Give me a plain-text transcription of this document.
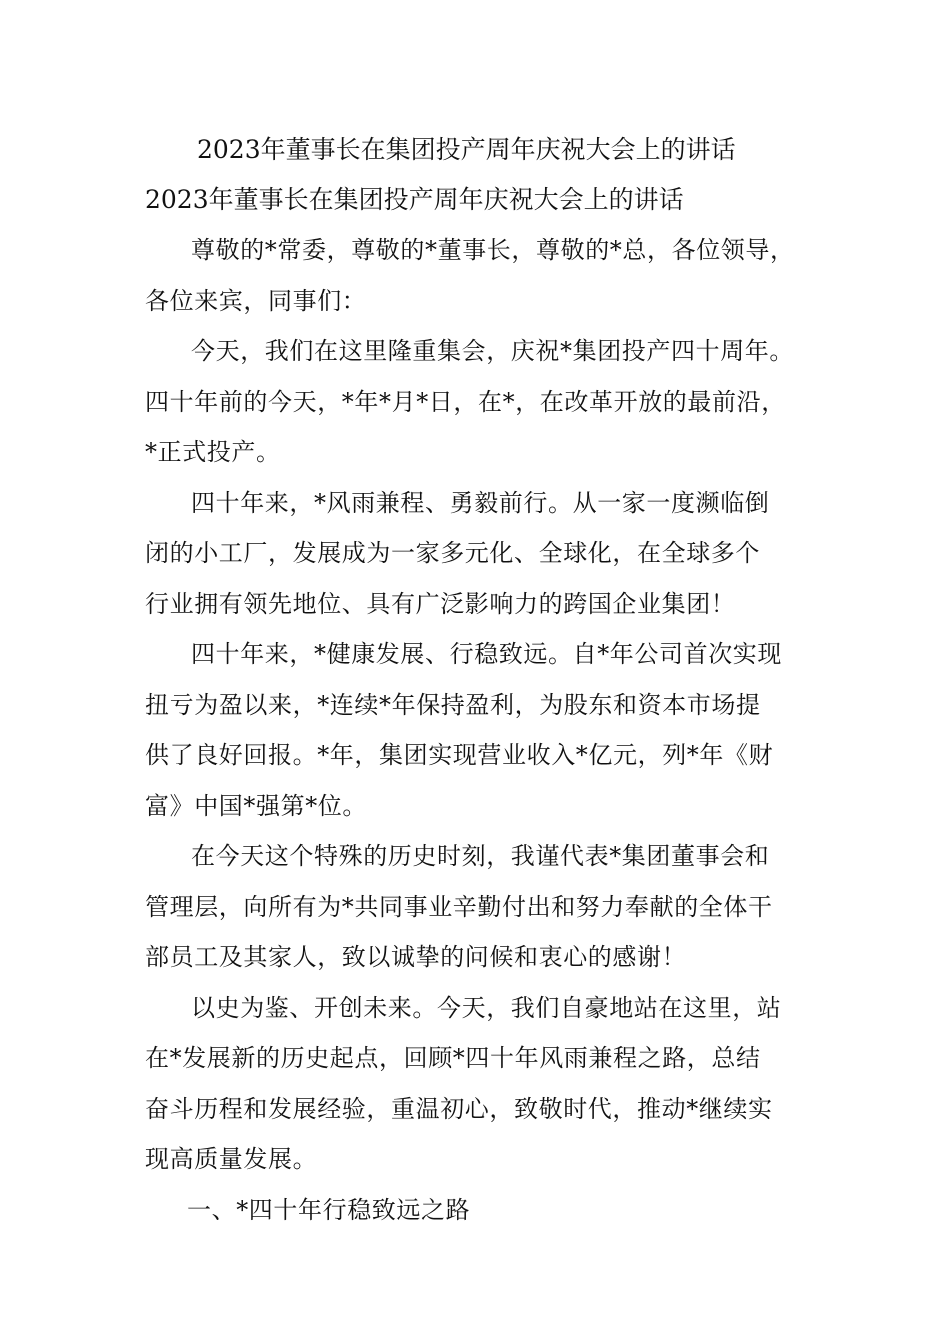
2023年董事长在集团投产周年庆祝大会上的讲话

2023年董事长在集团投产周年庆祝大会上的讲话

尊敬的*常委，尊敬的*董事长，尊敬的*总，各位领导，
各位来宾，同事们：

今天，我们在这里隆重集会，庆祝*集团投产四十周年。
四十年前的今天，*年*月*日，在*，在改革开放的最前沿，
*正式投产。

四十年来，*风雨兼程、勇毅前行。从一家一度濒临倒
闭的小工厂，发展成为一家多元化、全球化，在全球多个
行业拥有领先地位、具有广泛影响力的跨国企业集团！

四十年来，*健康发展、行稳致远。自*年公司首次实现
扭亏为盈以来，*连续*年保持盈利，为股东和资本市场提
供了良好回报。*年，集团实现营业收入*亿元，列*年《财
富》中国*强第*位。

在今天这个特殊的历史时刻，我谨代表*集团董事会和
管理层，向所有为*共同事业辛勤付出和努力奉献的全体干
部员工及其家人，致以诚挚的问候和衷心的感谢！

以史为鉴、开创未来。今天，我们自豪地站在这里，站
在*发展新的历史起点，回顾*四十年风雨兼程之路，总结
奋斗历程和发展经验，重温初心，致敬时代，推动*继续实
现高质量发展。

一、*四十年行稳致远之路
